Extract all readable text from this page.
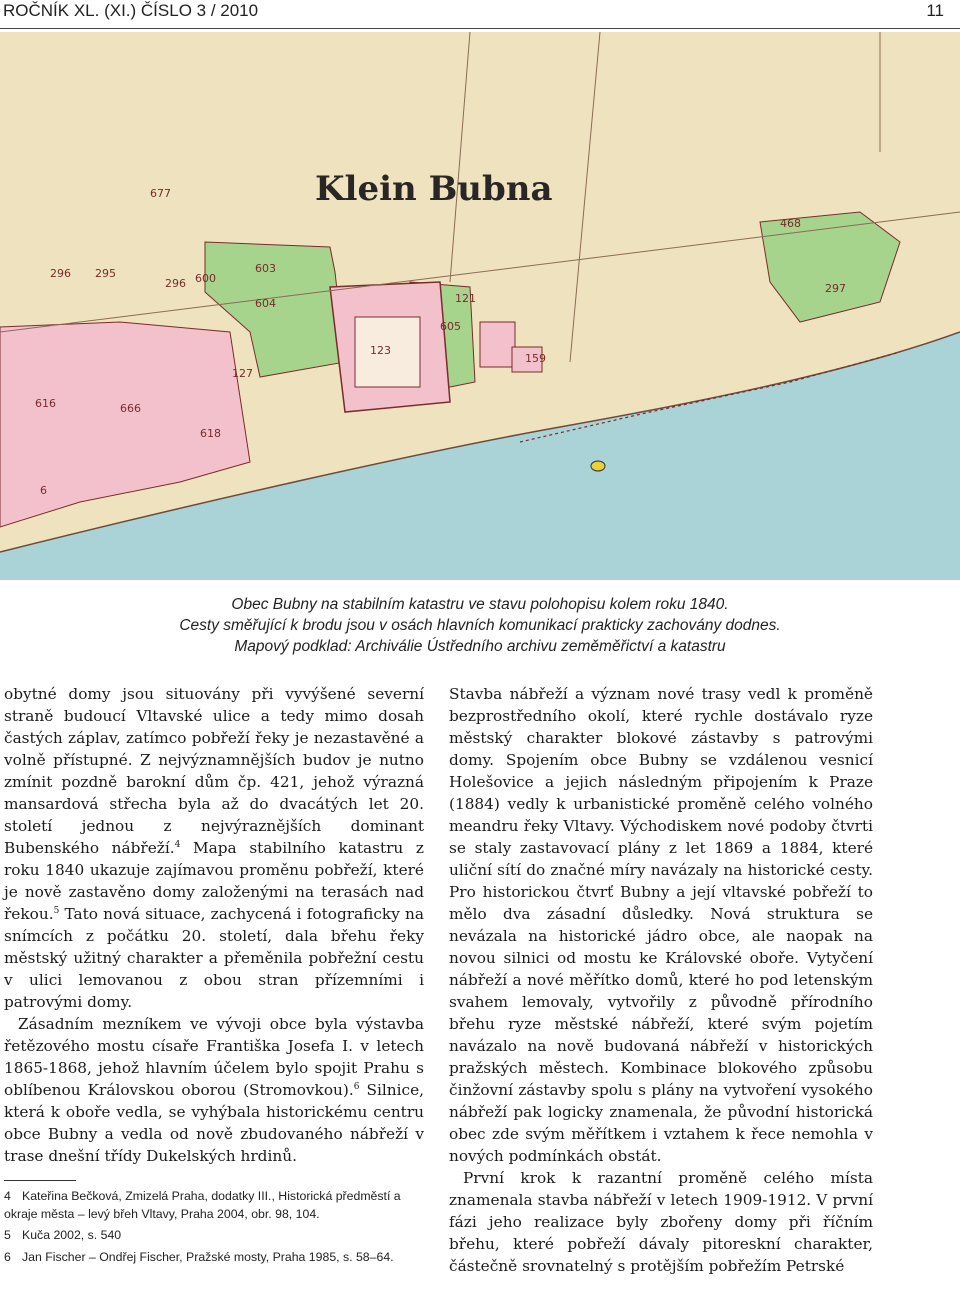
ROČNÍK XL. (XI.) ČÍSLO 3 / 2010	11
Klein Bubna
677
296 295
296 600
603
604
605
616	666
618
123
127
121
159
468
297
6
Obec Bubny na stabilním katastru ve stavu polohopisu kolem roku 1840.
Cesty směřující k brodu jsou v osách hlavních komunikací prakticky zachovány dodnes.
Mapový podklad: Archiválie Ústředního archivu zeměměřictví a katastru

obytné domy jsou situovány při vyvýšené severní straně budoucí Vltavské ulice a tedy mimo dosah častých záplav, zatímco pobřeží řeky je nezastavěné a volně přístupné. Z nejvýznamnějších budov je nutno zmínit pozdně barokní dům čp. 421, jehož výrazná mansardová střecha byla až do dvacátých let 20. století jednou z nejvýraznějších dominant Bubenského nábřeží.$^4$ Mapa stabilního katastru z roku 1840 ukazuje zajímavou proměnu pobřeží, které je nově zastavěno domy založenými na terasách nad řekou.$^5$ Tato nová situace, zachycená i fotograficky na snímcích z počátku 20. století, dala břehu řeky městský užitný charakter a přeměnila pobřežní cestu v ulici lemovanou z obou stran přízemními i patrovými domy.

Zásadním mezníkem ve vývoji obce byla výstavba řetězového mostu císaře Františka Josefa I. v letech 1865-1868, jehož hlavním účelem bylo spojit Prahu s oblíbenou Královskou oborou (Stromovkou).$^6$ Silnice, která k oboře vedla, se vyhýbala historickému centru obce Bubny a vedla od nově zbudovaného nábřeží v trase dnešní třídy Dukelských hrdinů.

Stavba nábřeží a význam nové trasy vedl k proměně bezprostředního okolí, které rychle dostávalo ryze městský charakter blokové zástavby s patrovými domy. Spojením obce Bubny se vzdálenou vesnicí Holešovice a jejich následným připojením k Praze (1884) vedly k urbanistické proměně celého volného meandru řeky Vltavy. Východiskem nové podoby čtvrti se staly zastavovací plány z let 1869 a 1884, které uliční sítí do značné míry navázaly na historické cesty. Pro historickou čtvrť Bubny a její vltavské pobřeží to mělo dva zásadní důsledky. Nová struktura se nevázala na historické jádro obce, ale naopak na novou silnici od mostu ke Královské oboře. Vytyčení nábřeží a nové měřítko domů, které ho pod letenským svahem lemovaly, vytvořily z původně přírodního břehu ryze městské nábřeží, které svým pojetím navázalo na nově budovaná nábřeží v historických pražských městech. Kombinace blokového způsobu činžovní zástavby spolu s plány na vytvoření vysokého nábřeží pak logicky znamenala, že původní historická obec zde svým měřítkem i vztahem k řece nemohla v nových podmínkách obstát.

První krok k razantní proměně celého místa znamenala stavba nábřeží v letech 1909-1912. V první fázi jeho realizace byly zbořeny domy při říčním břehu, které pobřeží dávaly pitoreskní charakter, částečně srovnatelný s protějším pobřežím Petrské

4 Kateřina Bečková, Zmizelá Praha, dodatky III., Historická předměstí a okraje města – levý břeh Vltavy, Praha 2004, obr. 98, 104.
5 Kuča 2002, s. 540
6 Jan Fischer – Ondřej Fischer, Pražské mosty, Praha 1985, s. 58–64.
